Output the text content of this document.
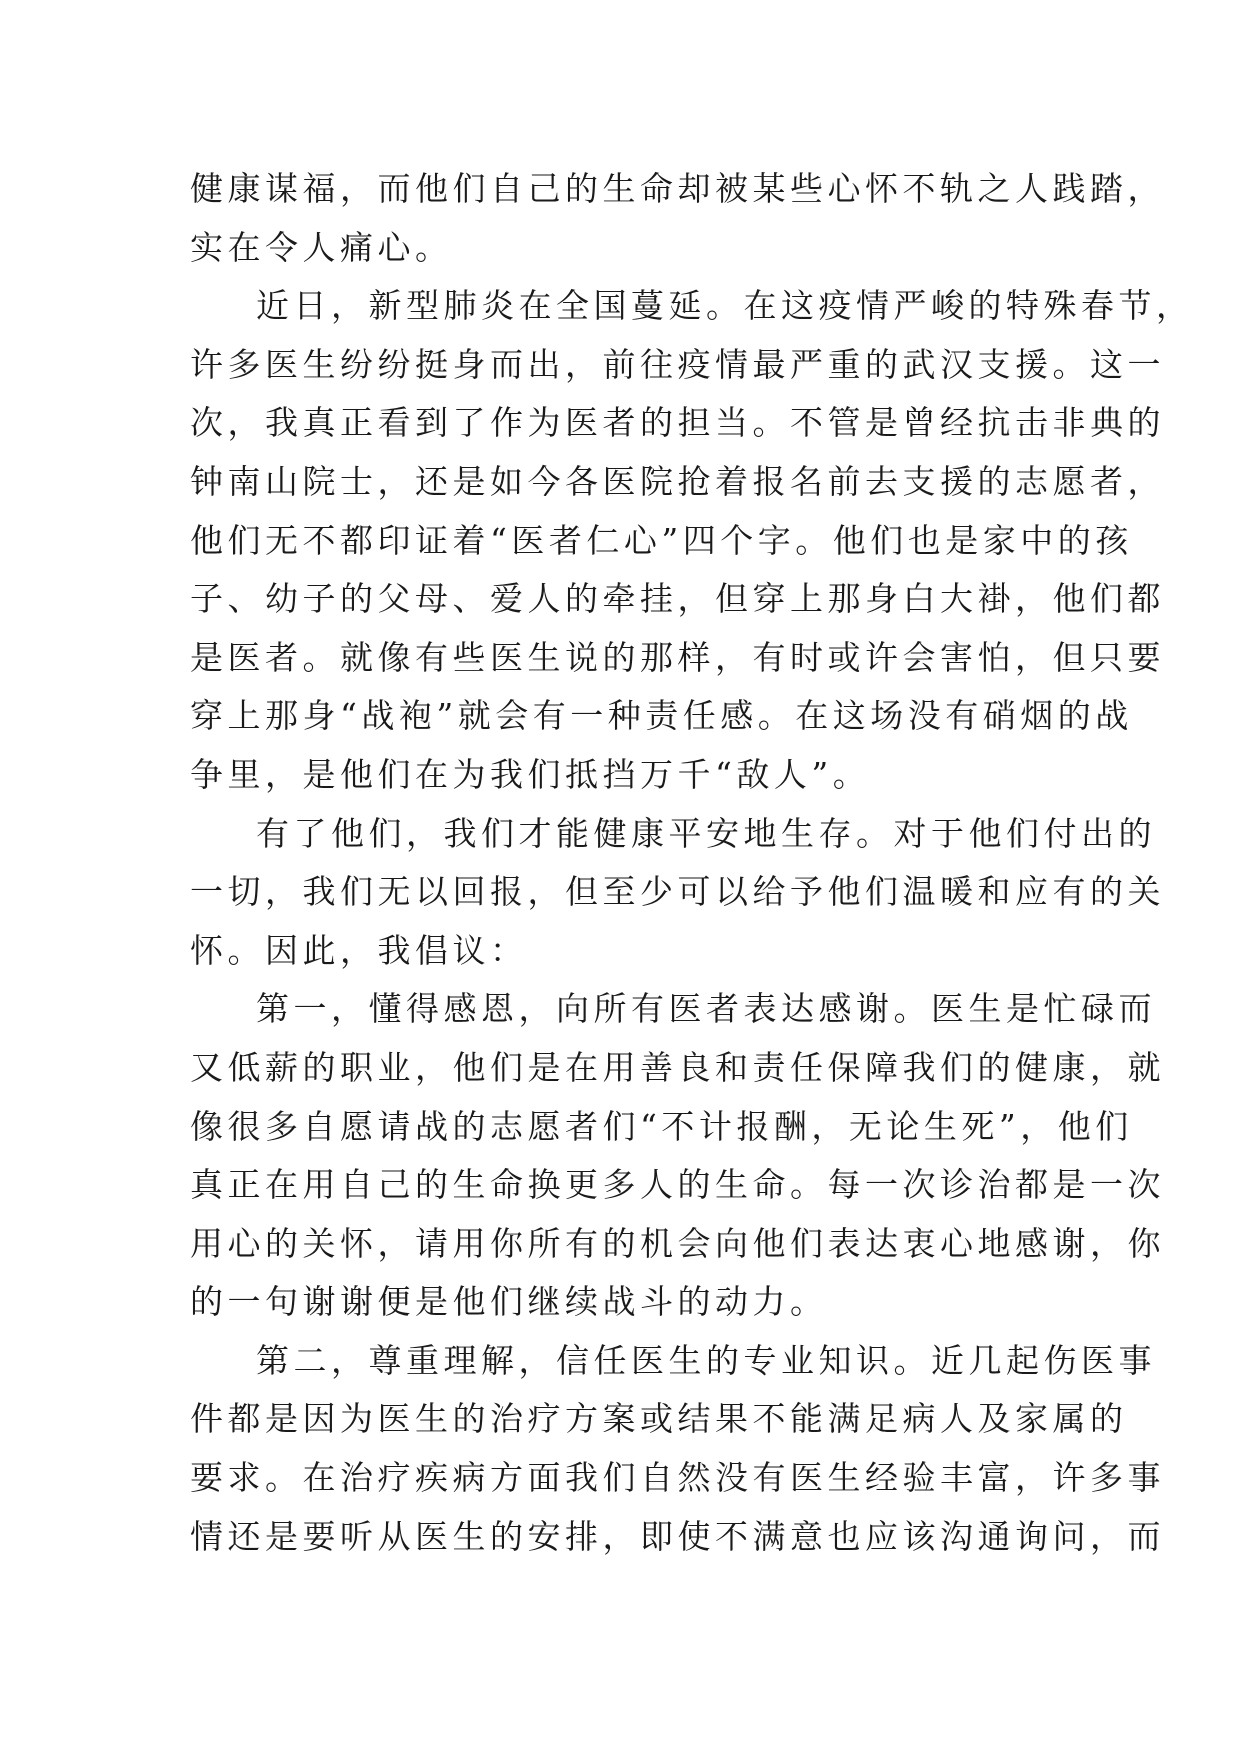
健康谋福，而他们自己的生命却被某些心怀不轨之人践踏，
实在令人痛心。

近日，新型肺炎在全国蔓延。在这疫情严峻的特殊春节，
许多医生纷纷挺身而出，前往疫情最严重的武汉支援。这一
次，我真正看到了作为医者的担当。不管是曾经抗击非典的
钟南山院士，还是如今各医院抢着报名前去支援的志愿者，
他们无不都印证着“医者仁心”四个字。他们也是家中的孩
子、幼子的父母、爱人的牵挂，但穿上那身白大褂，他们都
是医者。就像有些医生说的那样，有时或许会害怕，但只要
穿上那身“战袍”就会有一种责任感。在这场没有硝烟的战
争里，是他们在为我们抵挡万千“敌人”。

有了他们，我们才能健康平安地生存。对于他们付出的
一切，我们无以回报，但至少可以给予他们温暖和应有的关
怀。因此，我倡议：

第一，懂得感恩，向所有医者表达感谢。医生是忙碌而
又低薪的职业，他们是在用善良和责任保障我们的健康，就
像很多自愿请战的志愿者们“不计报酬，无论生死”，他们
真正在用自己的生命换更多人的生命。每一次诊治都是一次
用心的关怀，请用你所有的机会向他们表达衷心地感谢，你
的一句谢谢便是他们继续战斗的动力。

第二，尊重理解，信任医生的专业知识。近几起伤医事
件都是因为医生的治疗方案或结果不能满足病人及家属的
要求。在治疗疾病方面我们自然没有医生经验丰富，许多事
情还是要听从医生的安排，即使不满意也应该沟通询问，而
